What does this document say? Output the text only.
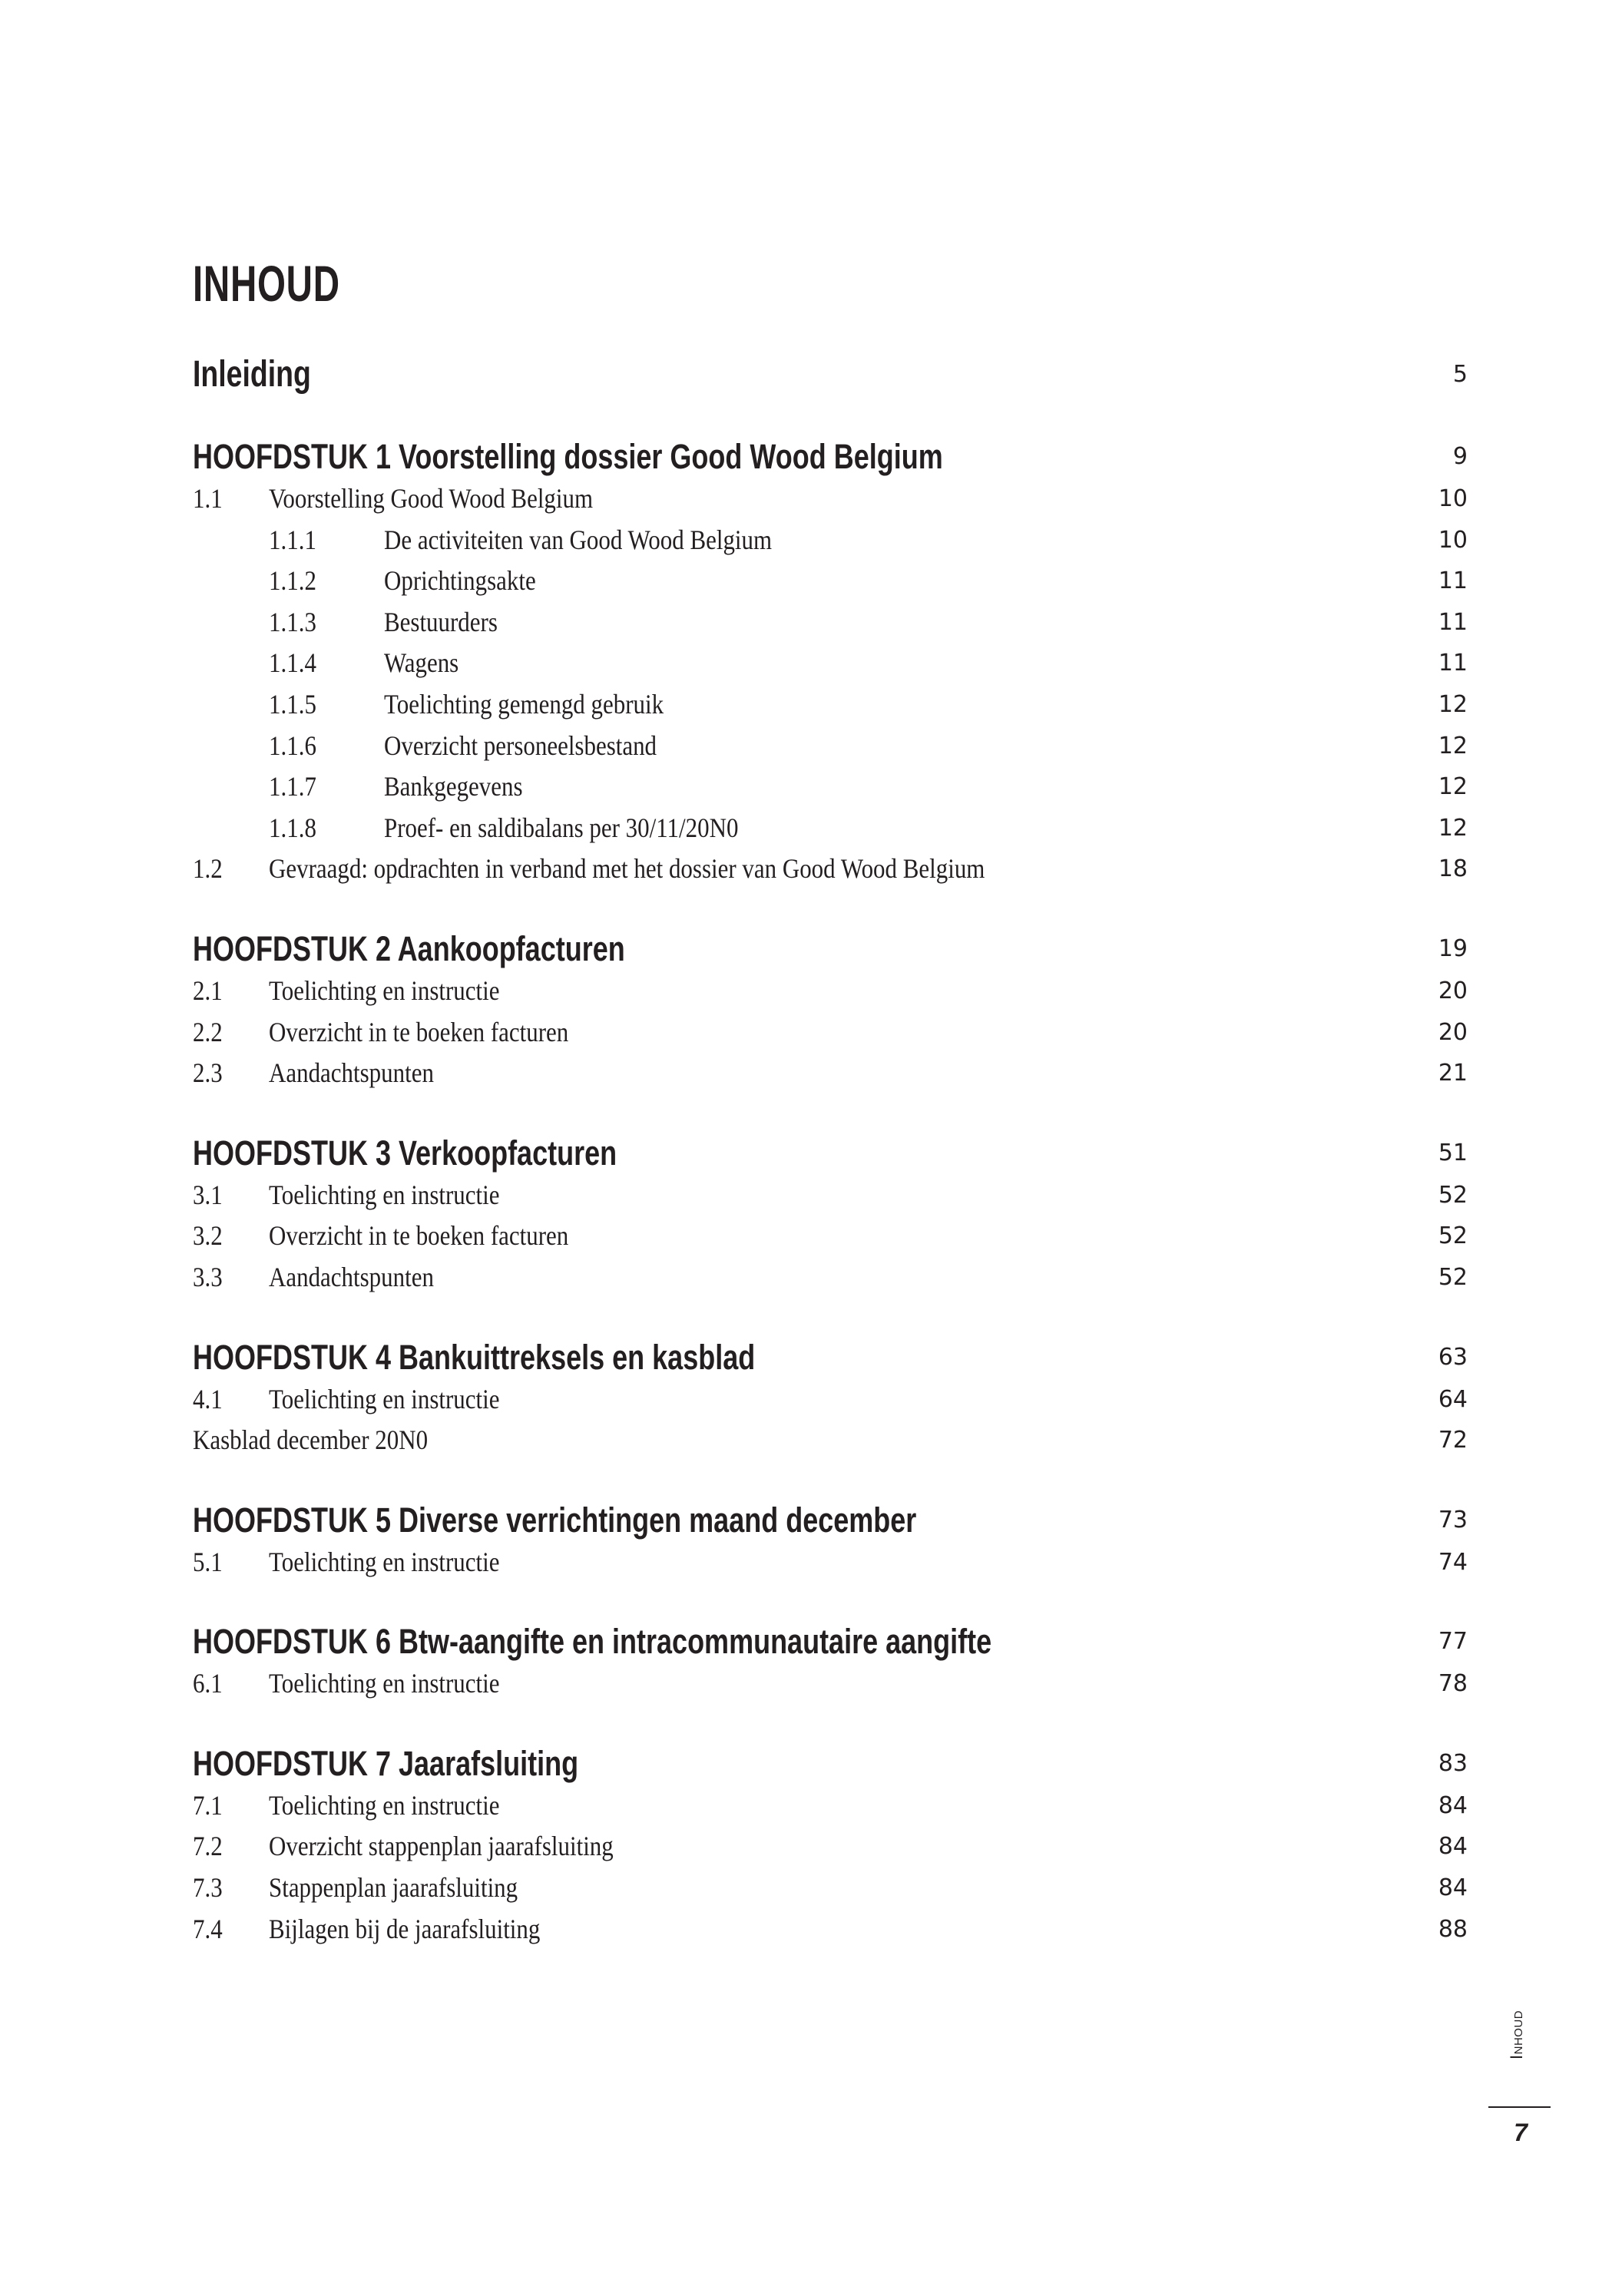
INHOUD
Inleiding	5
HOOFDSTUK 1 Voorstelling dossier Good Wood Belgium	9
1.1 Voorstelling Good Wood Belgium	10
1.1.1 De activiteiten van Good Wood Belgium	10
1.1.2 Oprichtingsakte	11
1.1.3 Bestuurders	11
1.1.4 Wagens	11
1.1.5 Toelichting gemengd gebruik	12
1.1.6 Overzicht personeelsbestand	12
1.1.7 Bankgegevens	12
1.1.8 Proef- en saldibalans per 30/11/20N0	12
1.2 Gevraagd: opdrachten in verband met het dossier van Good Wood Belgium	18
HOOFDSTUK 2 Aankoopfacturen	19
2.1 Toelichting en instructie	20
2.2 Overzicht in te boeken facturen	20
2.3 Aandachtspunten	21
HOOFDSTUK 3 Verkoopfacturen	51
3.1 Toelichting en instructie	52
3.2 Overzicht in te boeken facturen	52
3.3 Aandachtspunten	52
HOOFDSTUK 4 Bankuittreksels en kasblad	63
4.1 Toelichting en instructie	64
Kasblad december 20N0	72
HOOFDSTUK 5 Diverse verrichtingen maand december	73
5.1 Toelichting en instructie	74
HOOFDSTUK 6 Btw-aangifte en intracommunautaire aangifte	77
6.1 Toelichting en instructie	78
HOOFDSTUK 7 Jaarafsluiting	83
7.1 Toelichting en instructie	84
7.2 Overzicht stappenplan jaarafsluiting	84
7.3 Stappenplan jaarafsluiting	84
7.4 Bijlagen bij de jaarafsluiting	88
Inhoud
7
